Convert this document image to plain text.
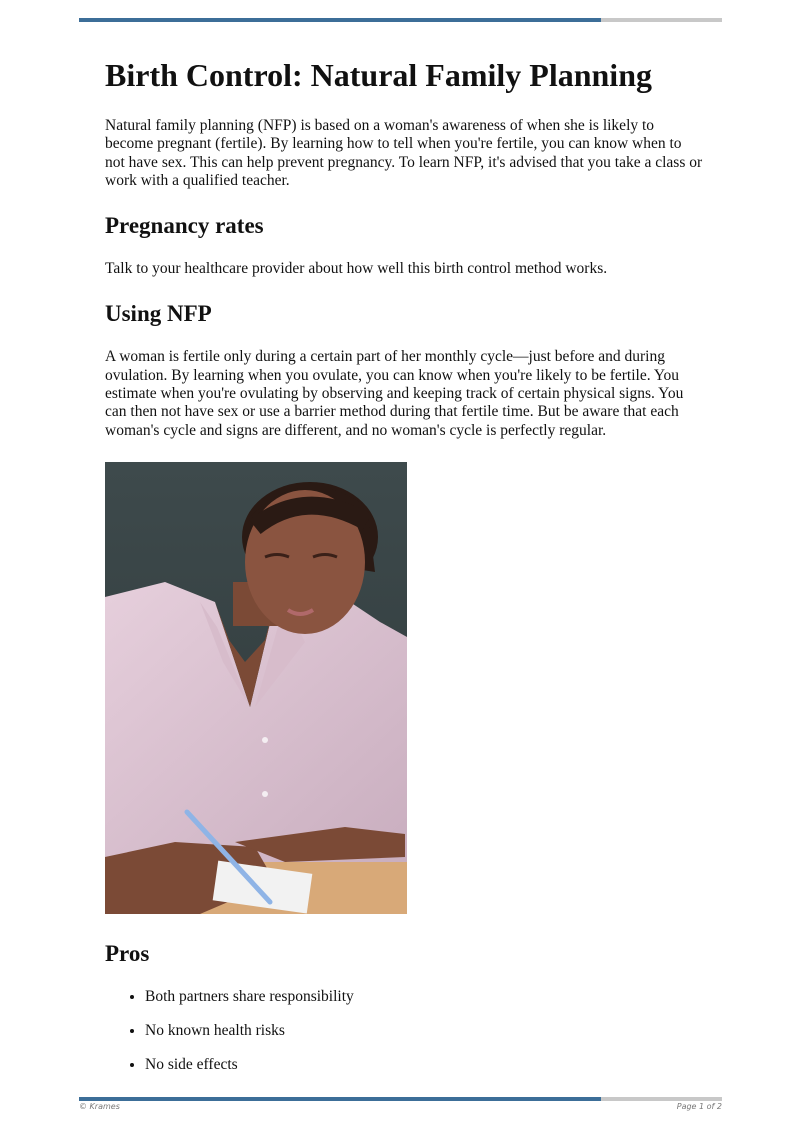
Birth Control: Natural Family Planning

Natural family planning (NFP) is based on a woman's awareness of when she is likely to become pregnant (fertile). By learning how to tell when you're fertile, you can know when to not have sex. This can help prevent pregnancy. To learn NFP, it's advised that you take a class or work with a qualified teacher.

Pregnancy rates

Talk to your healthcare provider about how well this birth control method works.

Using NFP

A woman is fertile only during a certain part of her monthly cycle—just before and during ovulation. By learning when you ovulate, you can know when you're likely to be fertile. You estimate when you're ovulating by observing and keeping track of certain physical signs. You can then not have sex or use a barrier method during that fertile time. But be aware that each woman's cycle and signs are different, and no woman's cycle is perfectly regular.

Pros
• Both partners share responsibility
• No known health risks
• No side effects
© Krames	Page 1 of 2
